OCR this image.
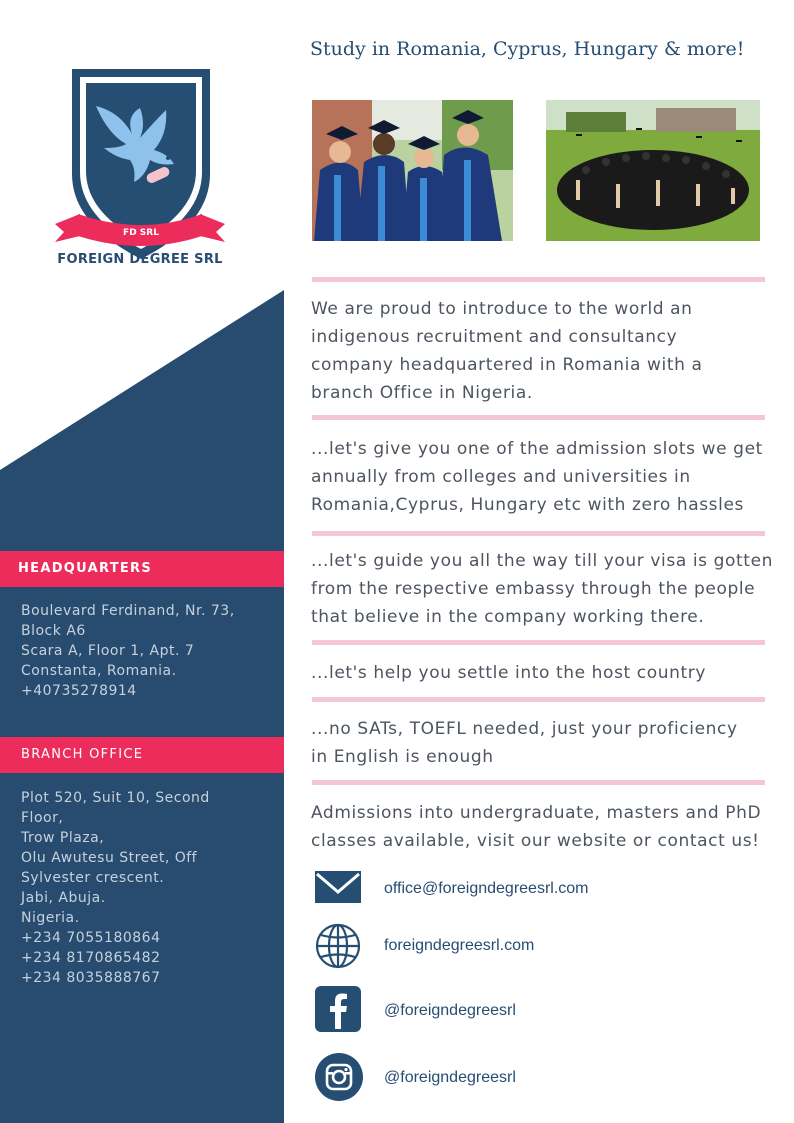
FD SRL
FOREIGN DEGREE SRL
HEADQUARTERS
Boulevard Ferdinand, Nr. 73,
Block A6
Scara A, Floor 1, Apt. 7
Constanta, Romania.
+40735278914
BRANCH OFFICE
Plot 520, Suit 10, Second
Floor,
Trow Plaza,
Olu Awutesu Street, Off
Sylvester crescent.
Jabi, Abuja.
Nigeria.
+234 7055180864
+234 8170865482
+234 8035888767
Study in Romania, Cyprus, Hungary & more!
We are proud to introduce to the world an
indigenous recruitment and consultancy
company headquartered in Romania with a
branch Office in Nigeria.
...let's give you one of the admission slots we get
annually from colleges and universities in
Romania,Cyprus, Hungary etc with zero hassles
...let's guide you all the way till your visa is gotten
from the respective embassy through the people
that believe in the company working there.
...let's help you settle into the host country
...no SATs, TOEFL needed, just your proficiency
in English is enough
Admissions into undergraduate, masters and PhD
classes available, visit our website or contact us!
office@foreigndegreesrl.com
foreigndegreesrl.com
@foreigndegreesrl
@foreigndegreesrl
